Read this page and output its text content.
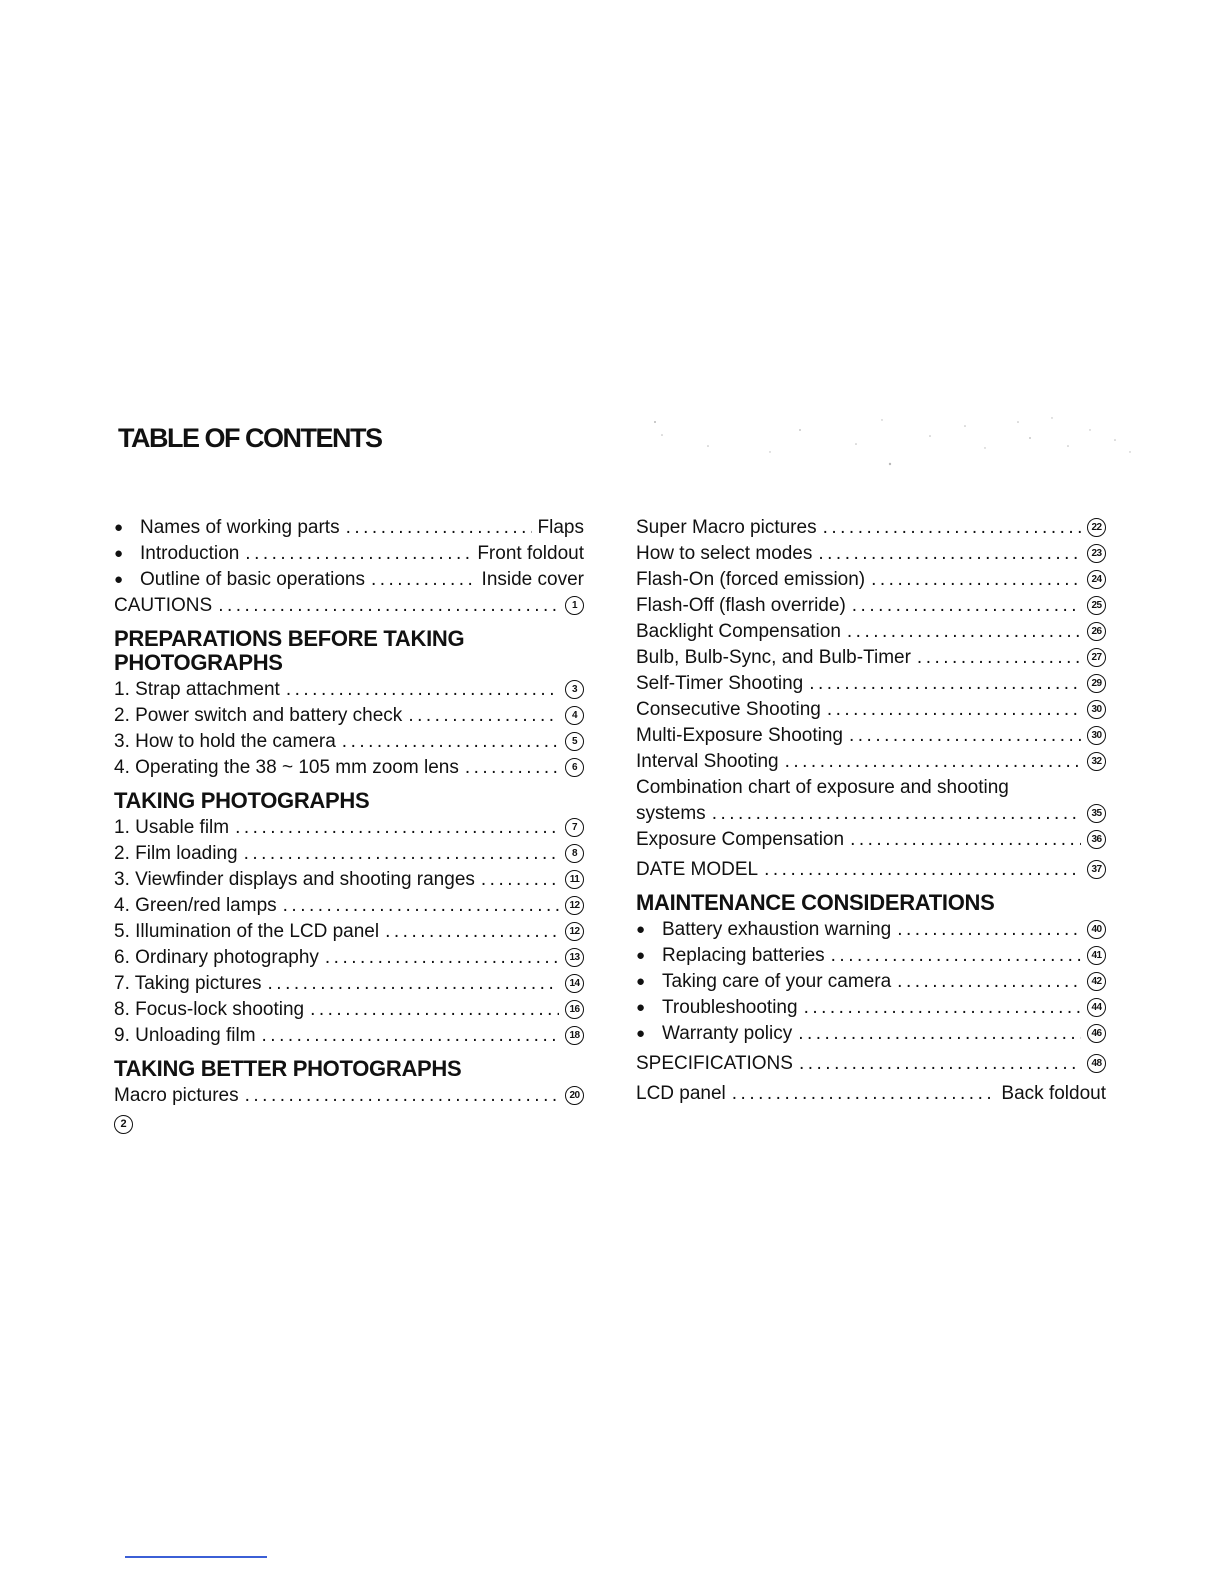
TABLE OF CONTENTS
● Names of working parts .....	Flaps
● Introduction .....	Front foldout
● Outline of basic operations .....	Inside cover
CAUTIONS .....	1
PREPARATIONS BEFORE TAKING
PHOTOGRAPHS
1. Strap attachment .....	3
2. Power switch and battery check .....	4
3. How to hold the camera .....	5
4. Operating the 38 ~ 105 mm zoom lens .....	6
TAKING PHOTOGRAPHS
1. Usable film .....	7
2. Film loading .....	8
3. Viewfinder displays and shooting ranges .....	11
4. Green/red lamps .....	12
5. Illumination of the LCD panel .....	12
6. Ordinary photography .....	13
7. Taking pictures .....	14
8. Focus-lock shooting .....	16
9. Unloading film .....	18
TAKING BETTER PHOTOGRAPHS
Macro pictures .....	20
Super Macro pictures .....	22
How to select modes .....	23
Flash-On (forced emission) .....	24
Flash-Off (flash override) .....	25
Backlight Compensation .....	26
Bulb, Bulb-Sync, and Bulb-Timer .....	27
Self-Timer Shooting .....	29
Consecutive Shooting .....	30
Multi-Exposure Shooting .....	30
Interval Shooting .....	32
Combination chart of exposure and shooting
systems .....	35
Exposure Compensation .....	36
DATE MODEL .....	37
MAINTENANCE CONSIDERATIONS
● Battery exhaustion warning .....	40
● Replacing batteries .....	41
● Taking care of your camera .....	42
● Troubleshooting .....	44
● Warranty policy .....	46
SPECIFICATIONS .....	48
LCD panel .....	Back foldout
2
